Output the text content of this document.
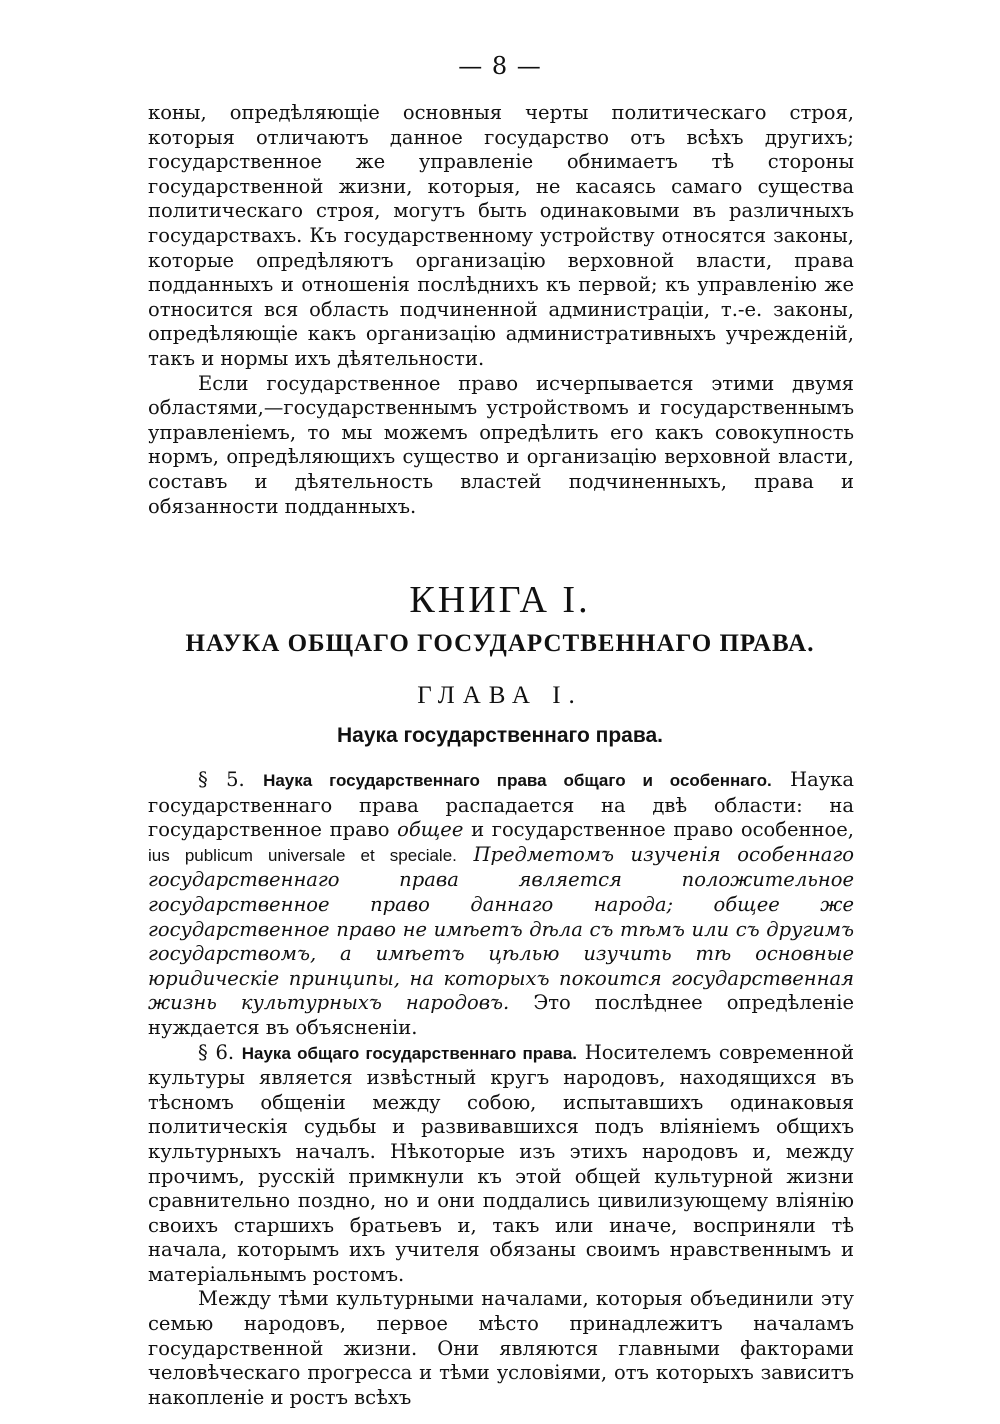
— 8 —

коны, опредѣляющіе основныя черты политическаго строя, которыя отличаютъ данное государство отъ всѣхъ другихъ; государственное же управленіе обнимаетъ тѣ стороны государственной жизни, которыя, не касаясь самаго существа политическаго строя, могутъ быть одинаковыми въ различныхъ государствахъ. Къ государственному устройству относятся законы, которые опредѣляютъ организацію верховной власти, права подданныхъ и отношенія послѣднихъ къ первой; къ управленію же относится вся область подчиненной администраціи, т.-е. законы, опредѣляющіе какъ организацію административныхъ учрежденій, такъ и нормы ихъ дѣятельности.

Если государственное право исчерпывается этими двумя областями,—государственнымъ устройствомъ и государственнымъ управленіемъ, то мы можемъ опредѣлить его какъ совокупность нормъ, опредѣляющихъ существо и организацію верховной власти, составъ и дѣятельность властей подчиненныхъ, права и обязанности подданныхъ.

КНИГА I.
НАУКА ОБЩАГО ГОСУДАРСТВЕННАГО ПРАВА.
ГЛАВА I.
Наука государственнаго права.

§ 5. Наука государственнаго права общаго и особеннаго. Наука государственнаго права распадается на двѣ области: на государственное право общее и государственное право особенное, ius publicum universale et speciale. Предметомъ изученія особеннаго государственнаго права является положительное государственное право даннаго народа; общее же государственное право не имѣетъ дѣла съ тѣмъ или съ другимъ государствомъ, а имѣетъ цѣлью изучить тѣ основные юридическіе принципы, на которыхъ покоится государственная жизнь культурныхъ народовъ. Это послѣднее опредѣленіе нуждается въ объясненіи.

§ 6. Наука общаго государственнаго права. Носителемъ современной культуры является извѣстный кругъ народовъ, находящихся въ тѣсномъ общеніи между собою, испытавшихъ одинаковыя политическія судьбы и развивавшихся подъ вліяніемъ общихъ культурныхъ началъ. Нѣкоторые изъ этихъ народовъ и, между прочимъ, русскій примкнули къ этой общей культурной жизни сравнительно поздно, но и они поддались цивилизующему вліянію своихъ старшихъ братьевъ и, такъ или иначе, восприняли тѣ начала, которымъ ихъ учителя обязаны своимъ нравственнымъ и матеріальнымъ ростомъ.

Между тѣми культурными началами, которыя объединили эту семью народовъ, первое мѣсто принадлежитъ началамъ государственной жизни. Они являются главными факторами человѣческаго прогресса и тѣми условіями, отъ которыхъ зависитъ накопленіе и ростъ всѣхъ
